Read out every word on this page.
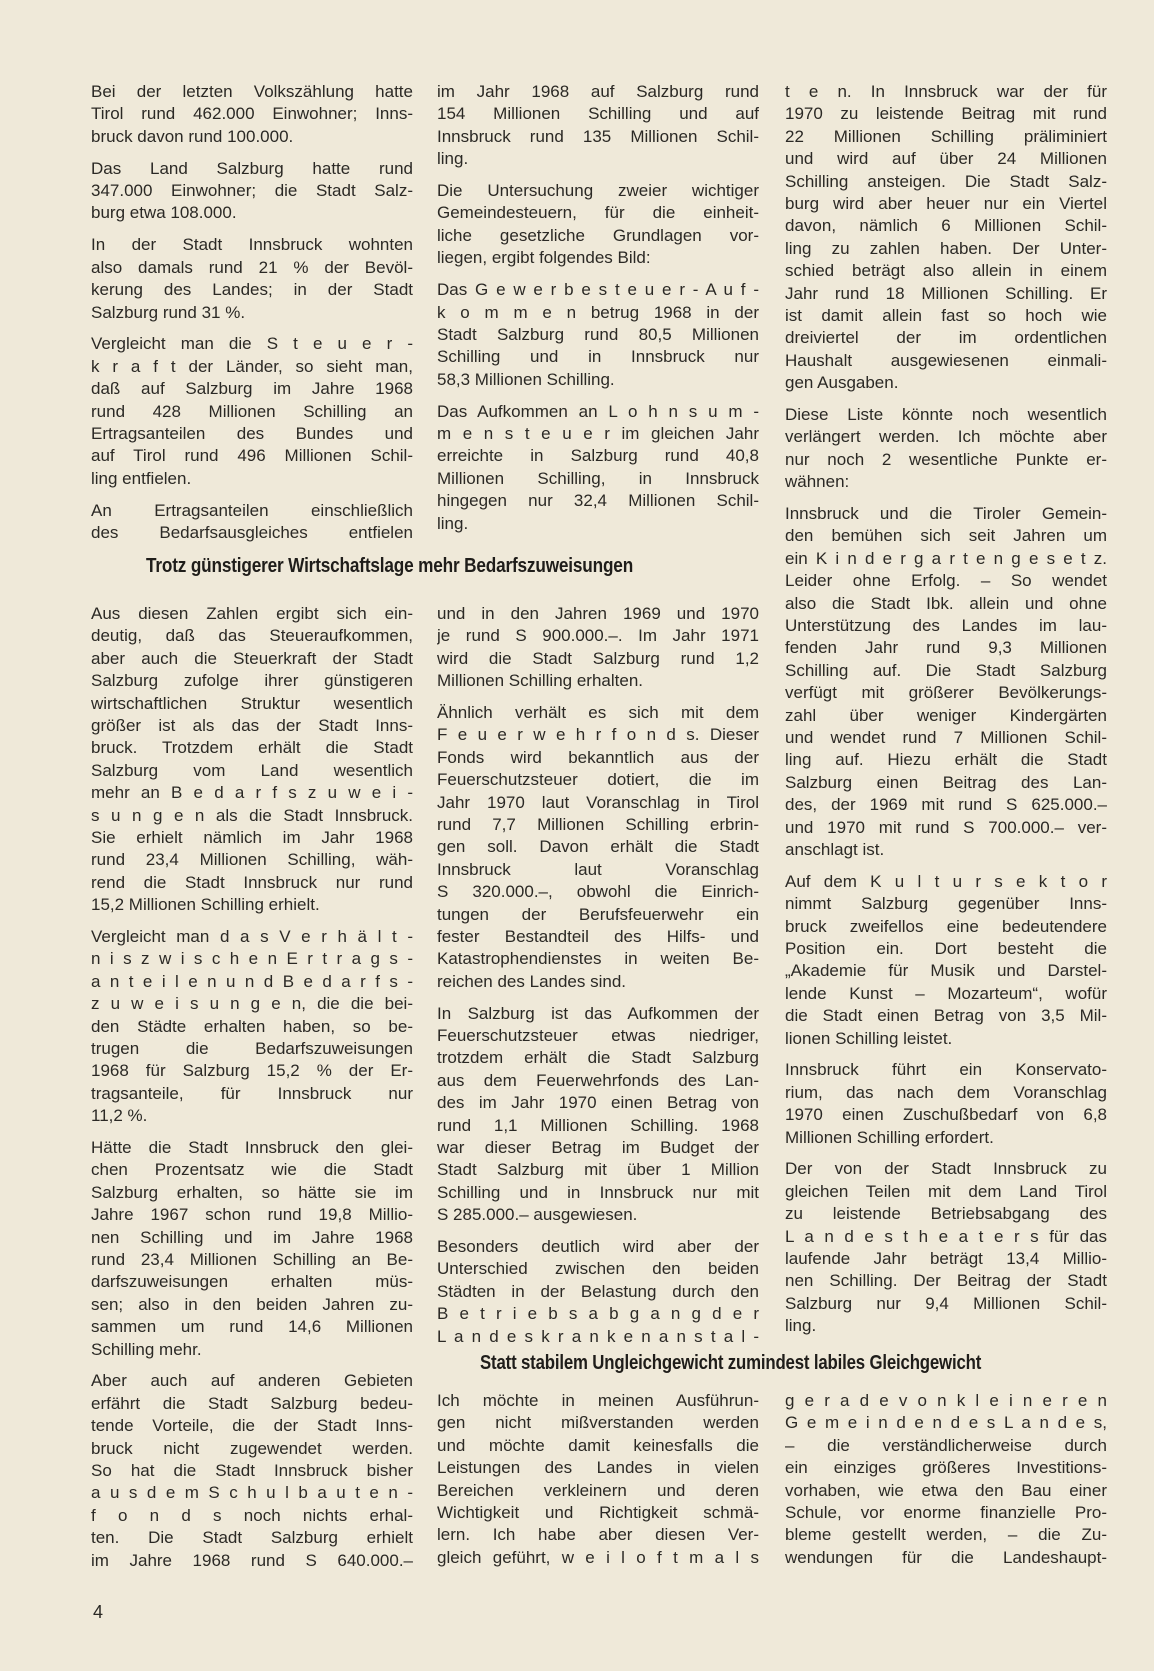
Bei der letzten Volkszählung hatte
Tirol rund 462.000 Einwohner; Inns-
bruck davon rund 100.000.
Das Land Salzburg hatte rund
347.000 Einwohner; die Stadt Salz-
burg etwa 108.000.
In der Stadt Innsbruck wohnten
also damals rund 21 % der Bevöl-
kerung des Landes; in der Stadt
Salzburg rund 31 %.
Vergleicht man die S t e u e r -
k r a f t der Länder, so sieht man,
daß auf Salzburg im Jahre 1968
rund 428 Millionen Schilling an
Ertragsanteilen des Bundes und
auf Tirol rund 496 Millionen Schil-
ling entfielen.
An Ertragsanteilen einschließlich
des Bedarfsausgleiches entfielen
im Jahr 1968 auf Salzburg rund
154 Millionen Schilling und auf
Innsbruck rund 135 Millionen Schil-
ling.
Die Untersuchung zweier wichtiger
Gemeindesteuern, für die einheit-
liche gesetzliche Grundlagen vor-
liegen, ergibt folgendes Bild:
Das G e w e r b e s t e u e r - A u f -
k o m m e n betrug 1968 in der
Stadt Salzburg rund 80,5 Millionen
Schilling und in Innsbruck nur
58,3 Millionen Schilling.
Das Aufkommen an L o h n s u m -
m e n s t e u e r im gleichen Jahr
erreichte in Salzburg rund 40,8
Millionen Schilling, in Innsbruck
hingegen nur 32,4 Millionen Schil-
ling.
t e n. In Innsbruck war der für
1970 zu leistende Beitrag mit rund
22 Millionen Schilling präliminiert
und wird auf über 24 Millionen
Schilling ansteigen. Die Stadt Salz-
burg wird aber heuer nur ein Viertel
davon, nämlich 6 Millionen Schil-
ling zu zahlen haben. Der Unter-
schied beträgt also allein in einem
Jahr rund 18 Millionen Schilling. Er
ist damit allein fast so hoch wie
dreiviertel der im ordentlichen
Haushalt ausgewiesenen einmali-
gen Ausgaben.
Diese Liste könnte noch wesentlich
verlängert werden. Ich möchte aber
nur noch 2 wesentliche Punkte er-
wähnen:
Innsbruck und die Tiroler Gemein-
den bemühen sich seit Jahren um
ein K i n d e r g a r t e n g e s e t z.
Leider ohne Erfolg. – So wendet
also die Stadt Ibk. allein und ohne
Unterstützung des Landes im lau-
fenden Jahr rund 9,3 Millionen
Schilling auf. Die Stadt Salzburg
verfügt mit größerer Bevölkerungs-
zahl über weniger Kindergärten
und wendet rund 7 Millionen Schil-
ling auf. Hiezu erhält die Stadt
Salzburg einen Beitrag des Lan-
des, der 1969 mit rund S 625.000.–
und 1970 mit rund S 700.000.– ver-
anschlagt ist.
Auf dem K u l t u r s e k t o r
nimmt Salzburg gegenüber Inns-
bruck zweifellos eine bedeutendere
Position ein. Dort besteht die
„Akademie für Musik und Darstel-
lende Kunst – Mozarteum“, wofür
die Stadt einen Betrag von 3,5 Mil-
lionen Schilling leistet.
Innsbruck führt ein Konservato-
rium, das nach dem Voranschlag
1970 einen Zuschußbedarf von 6,8
Millionen Schilling erfordert.
Der von der Stadt Innsbruck zu
gleichen Teilen mit dem Land Tirol
zu leistende Betriebsabgang des
L a n d e s t h e a t e r s für das
laufende Jahr beträgt 13,4 Millio-
nen Schilling. Der Beitrag der Stadt
Salzburg nur 9,4 Millionen Schil-
ling.
Trotz günstigerer Wirtschaftslage mehr Bedarfszuweisungen
Aus diesen Zahlen ergibt sich ein-
deutig, daß das Steueraufkommen,
aber auch die Steuerkraft der Stadt
Salzburg zufolge ihrer günstigeren
wirtschaftlichen Struktur wesentlich
größer ist als das der Stadt Inns-
bruck. Trotzdem erhält die Stadt
Salzburg vom Land wesentlich
mehr an B e d a r f s z u w e i -
s u n g e n als die Stadt Innsbruck.
Sie erhielt nämlich im Jahr 1968
rund 23,4 Millionen Schilling, wäh-
rend die Stadt Innsbruck nur rund
15,2 Millionen Schilling erhielt.
Vergleicht man d a s V e r h ä l t -
n i s z w i s c h e n E r t r a g s -
a n t e i l e n u n d B e d a r f s -
z u w e i s u n g e n, die die bei-
den Städte erhalten haben, so be-
trugen die Bedarfszuweisungen
1968 für Salzburg 15,2 % der Er-
tragsanteile, für Innsbruck nur
11,2 %.
Hätte die Stadt Innsbruck den glei-
chen Prozentsatz wie die Stadt
Salzburg erhalten, so hätte sie im
Jahre 1967 schon rund 19,8 Millio-
nen Schilling und im Jahre 1968
rund 23,4 Millionen Schilling an Be-
darfszuweisungen erhalten müs-
sen; also in den beiden Jahren zu-
sammen um rund 14,6 Millionen
Schilling mehr.
Aber auch auf anderen Gebieten
erfährt die Stadt Salzburg bedeu-
tende Vorteile, die der Stadt Inns-
bruck nicht zugewendet werden.
So hat die Stadt Innsbruck bisher
a u s d e m S c h u l b a u t e n -
f o n d s noch nichts erhal-
ten. Die Stadt Salzburg erhielt
im Jahre 1968 rund S 640.000.–
und in den Jahren 1969 und 1970
je rund S 900.000.–. Im Jahr 1971
wird die Stadt Salzburg rund 1,2
Millionen Schilling erhalten.
Ähnlich verhält es sich mit dem
F e u e r w e h r f o n d s. Dieser
Fonds wird bekanntlich aus der
Feuerschutzsteuer dotiert, die im
Jahr 1970 laut Voranschlag in Tirol
rund 7,7 Millionen Schilling erbrin-
gen soll. Davon erhält die Stadt
Innsbruck laut Voranschlag
S 320.000.–, obwohl die Einrich-
tungen der Berufsfeuerwehr ein
fester Bestandteil des Hilfs- und
Katastrophendienstes in weiten Be-
reichen des Landes sind.
In Salzburg ist das Aufkommen der
Feuerschutzsteuer etwas niedriger,
trotzdem erhält die Stadt Salzburg
aus dem Feuerwehrfonds des Lan-
des im Jahr 1970 einen Betrag von
rund 1,1 Millionen Schilling. 1968
war dieser Betrag im Budget der
Stadt Salzburg mit über 1 Million
Schilling und in Innsbruck nur mit
S 285.000.– ausgewiesen.
Besonders deutlich wird aber der
Unterschied zwischen den beiden
Städten in der Belastung durch den
B e t r i e b s a b g a n g d e r
L a n d e s k r a n k e n a n s t a l -
Statt stabilem Ungleichgewicht zumindest labiles Gleichgewicht
Ich möchte in meinen Ausführun-
gen nicht mißverstanden werden
und möchte damit keinesfalls die
Leistungen des Landes in vielen
Bereichen verkleinern und deren
Wichtigkeit und Richtigkeit schmä-
lern. Ich habe aber diesen Ver-
gleich geführt, w e i l o f t m a l s
g e r a d e v o n k l e i n e r e n
G e m e i n d e n d e s L a n d e s,
– die verständlicherweise durch
ein einziges größeres Investitions-
vorhaben, wie etwa den Bau einer
Schule, vor enorme finanzielle Pro-
bleme gestellt werden, – die Zu-
wendungen für die Landeshaupt-
4
